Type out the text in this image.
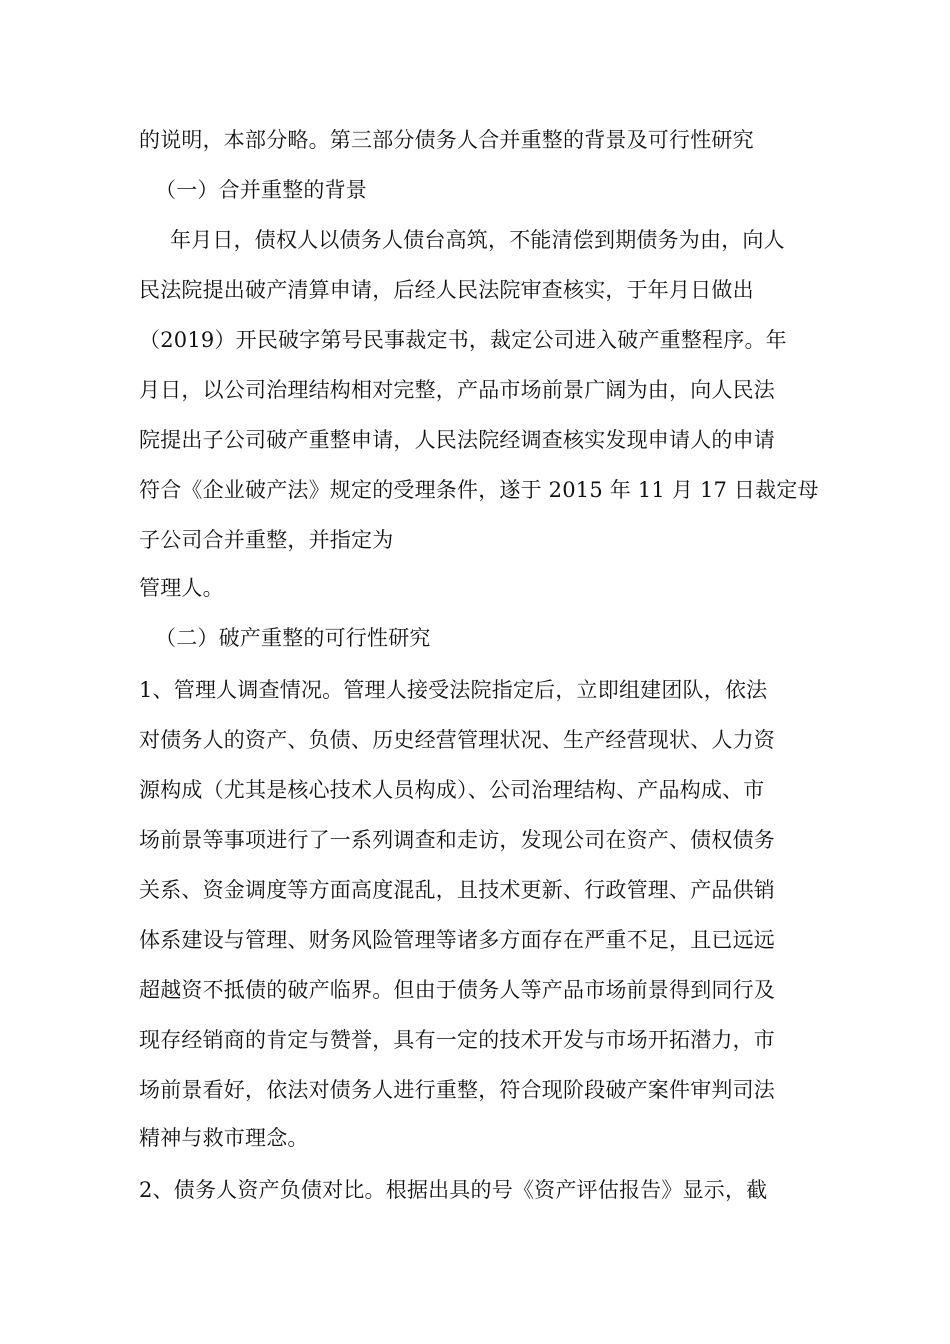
的说明，本部分略。第三部分债务人合并重整的背景及可行性研究

（一）合并重整的背景

年月日，债权人以债务人债台高筑，不能清偿到期债务为由，向人

民法院提出破产清算申请，后经人民法院审查核实，于年月日做出

（2019）开民破字第号民事裁定书，裁定公司进入破产重整程序。年

月日，以公司治理结构相对完整，产品市场前景广阔为由，向人民法

院提出子公司破产重整申请，人民法院经调查核实发现申请人的申请

符合《企业破产法》规定的受理条件，遂于 2015 年 11 月 17 日裁定母

子公司合并重整，并指定为

管理人。

（二）破产重整的可行性研究

1、管理人调查情况。管理人接受法院指定后，立即组建团队，依法

对债务人的资产、负债、历史经营管理状况、生产经营现状、人力资

源构成（尤其是核心技术人员构成）、公司治理结构、产品构成、市

场前景等事项进行了一系列调查和走访，发现公司在资产、债权债务

关系、资金调度等方面高度混乱，且技术更新、行政管理、产品供销

体系建设与管理、财务风险管理等诸多方面存在严重不足，且已远远

超越资不抵债的破产临界。但由于债务人等产品市场前景得到同行及

现存经销商的肯定与赞誉，具有一定的技术开发与市场开拓潜力，市

场前景看好，依法对债务人进行重整，符合现阶段破产案件审判司法

精神与救市理念。

2、债务人资产负债对比。根据出具的号《资产评估报告》显示，截
